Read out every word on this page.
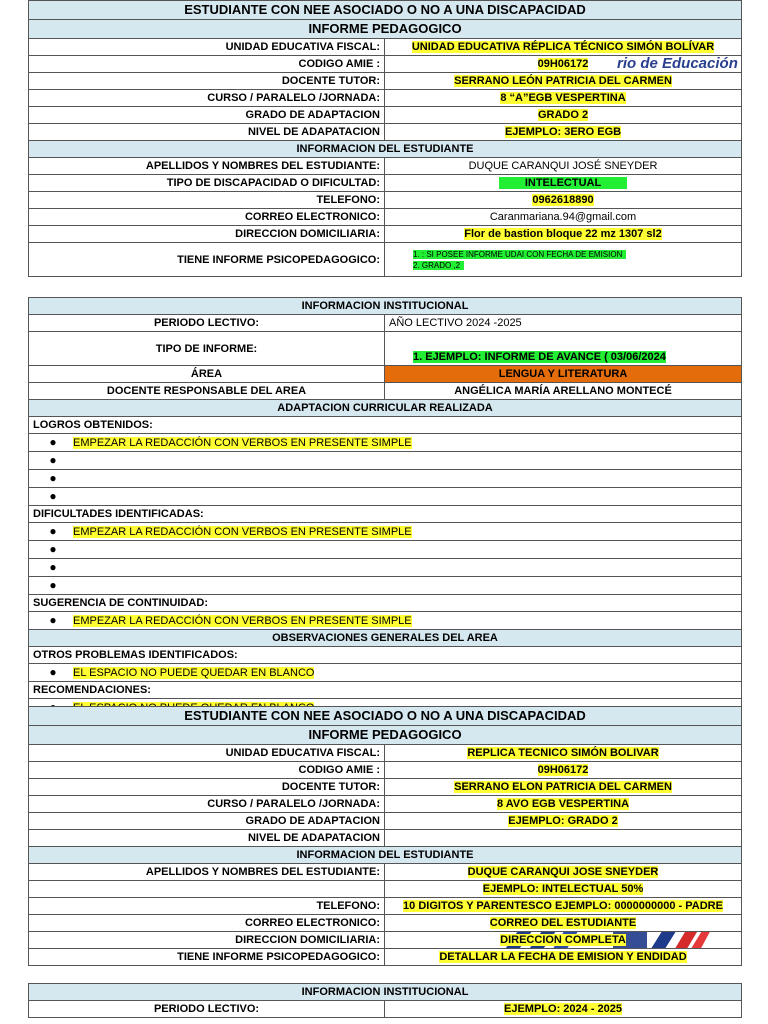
ESTUDIANTE CON NEE ASOCIADO O NO A UNA DISCAPACIDAD	
INFORME PEDAGOGICO	
UNIDAD EDUCATIVA FISCAL:	UNIDAD EDUCATIVA RÉPLICA TÉCNICO SIMÓN BOLÍVAR
CODIGO AMIE :	09H06172 rio de Educación

DOCENTE TUTOR:	SERRANO LEÓN PATRICIA DEL CARMEN
CURSO / PARALELO /JORNADA:	8 “A”EGB VESPERTINA
GRADO DE ADAPTACION	GRADO 2
NIVEL DE ADAPATACION	EJEMPLO: 3ERO EGB
INFORMACION DEL ESTUDIANTE	
APELLIDOS Y NOMBRES DEL ESTUDIANTE:	DUQUE CARANQUI JOSÉ SNEYDER
TIPO DE DISCAPACIDAD O DIFICULTAD:	INTELECTUAL
TELEFONO:	0962618890
CORREO ELECTRONICO:	Caranmariana.94@gmail.com
DIRECCION DOMICILIARIA:	Flor de bastion bloque 22 mz 1307 sl2
TIENE INFORME PSICOPEDAGOGICO:	1. : SI POSEE INFORME UDAI CON FECHA DE EMISION
2. GRADO ,2
INFORMACION INSTITUCIONAL	
PERIODO LECTIVO:	AÑO LECTIVO 2024 -2025
TIPO DE INFORME:	1. EJEMPLO: INFORME DE AVANCE ( 03/06/2024
ÁREA	LENGUA Y LITERATURA
DOCENTE RESPONSABLE DEL AREA	ANGÉLICA MARÍA ARELLANO MONTECÉ
ADAPTACION CURRICULAR REALIZADA	
LOGROS OBTENIDOS:	
● EMPEZAR LA REDACCIÓN CON VERBOS EN PRESENTE SIMPLE	
●	
●	
●	
DIFICULTADES IDENTIFICADAS:	
● EMPEZAR LA REDACCIÓN CON VERBOS EN PRESENTE SIMPLE	
●	
●	
●	
SUGERENCIA DE CONTINUIDAD:	
● EMPEZAR LA REDACCIÓN CON VERBOS EN PRESENTE SIMPLE	
OBSERVACIONES GENERALES DEL AREA	
OTROS PROBLEMAS IDENTIFICADOS:	
● EL ESPACIO NO PUEDE QUEDAR EN BLANCO	
RECOMENDACIONES:	

ESTUDIANTE CON NEE ASOCIADO O NO A UNA DISCAPACIDAD	
INFORME PEDAGOGICO	
UNIDAD EDUCATIVA FISCAL:	REPLICA TECNICO SIMÓN BOLIVAR
CODIGO AMIE :	09H06172
DOCENTE TUTOR:	SERRANO ELON PATRICIA DEL CARMEN
CURSO / PARALELO /JORNADA:	8 AVO EGB VESPERTINA
GRADO DE ADAPTACION	EJEMPLO: GRADO 2
NIVEL DE ADAPATACION	
INFORMACION DEL ESTUDIANTE	
APELLIDOS Y NOMBRES DEL ESTUDIANTE:	DUQUE CARANQUI JOSE SNEYDER
	EJEMPLO: INTELECTUAL 50%
TELEFONO:	10 DIGITOS Y PARENTESCO EJEMPLO: 0000000000 - PADRE
CORREO ELECTRONICO:	CORREO DEL ESTUDIANTE
DIRECCION DOMICILIARIA:	DIRECCION COMPLETA
TIENE INFORME PSICOPEDAGOGICO:	DETALLAR LA FECHA DE EMISION Y ENDIDAD
INFORMACION INSTITUCIONAL
PERIODO LECTIVO:	EJEMPLO: 2024 - 2025
